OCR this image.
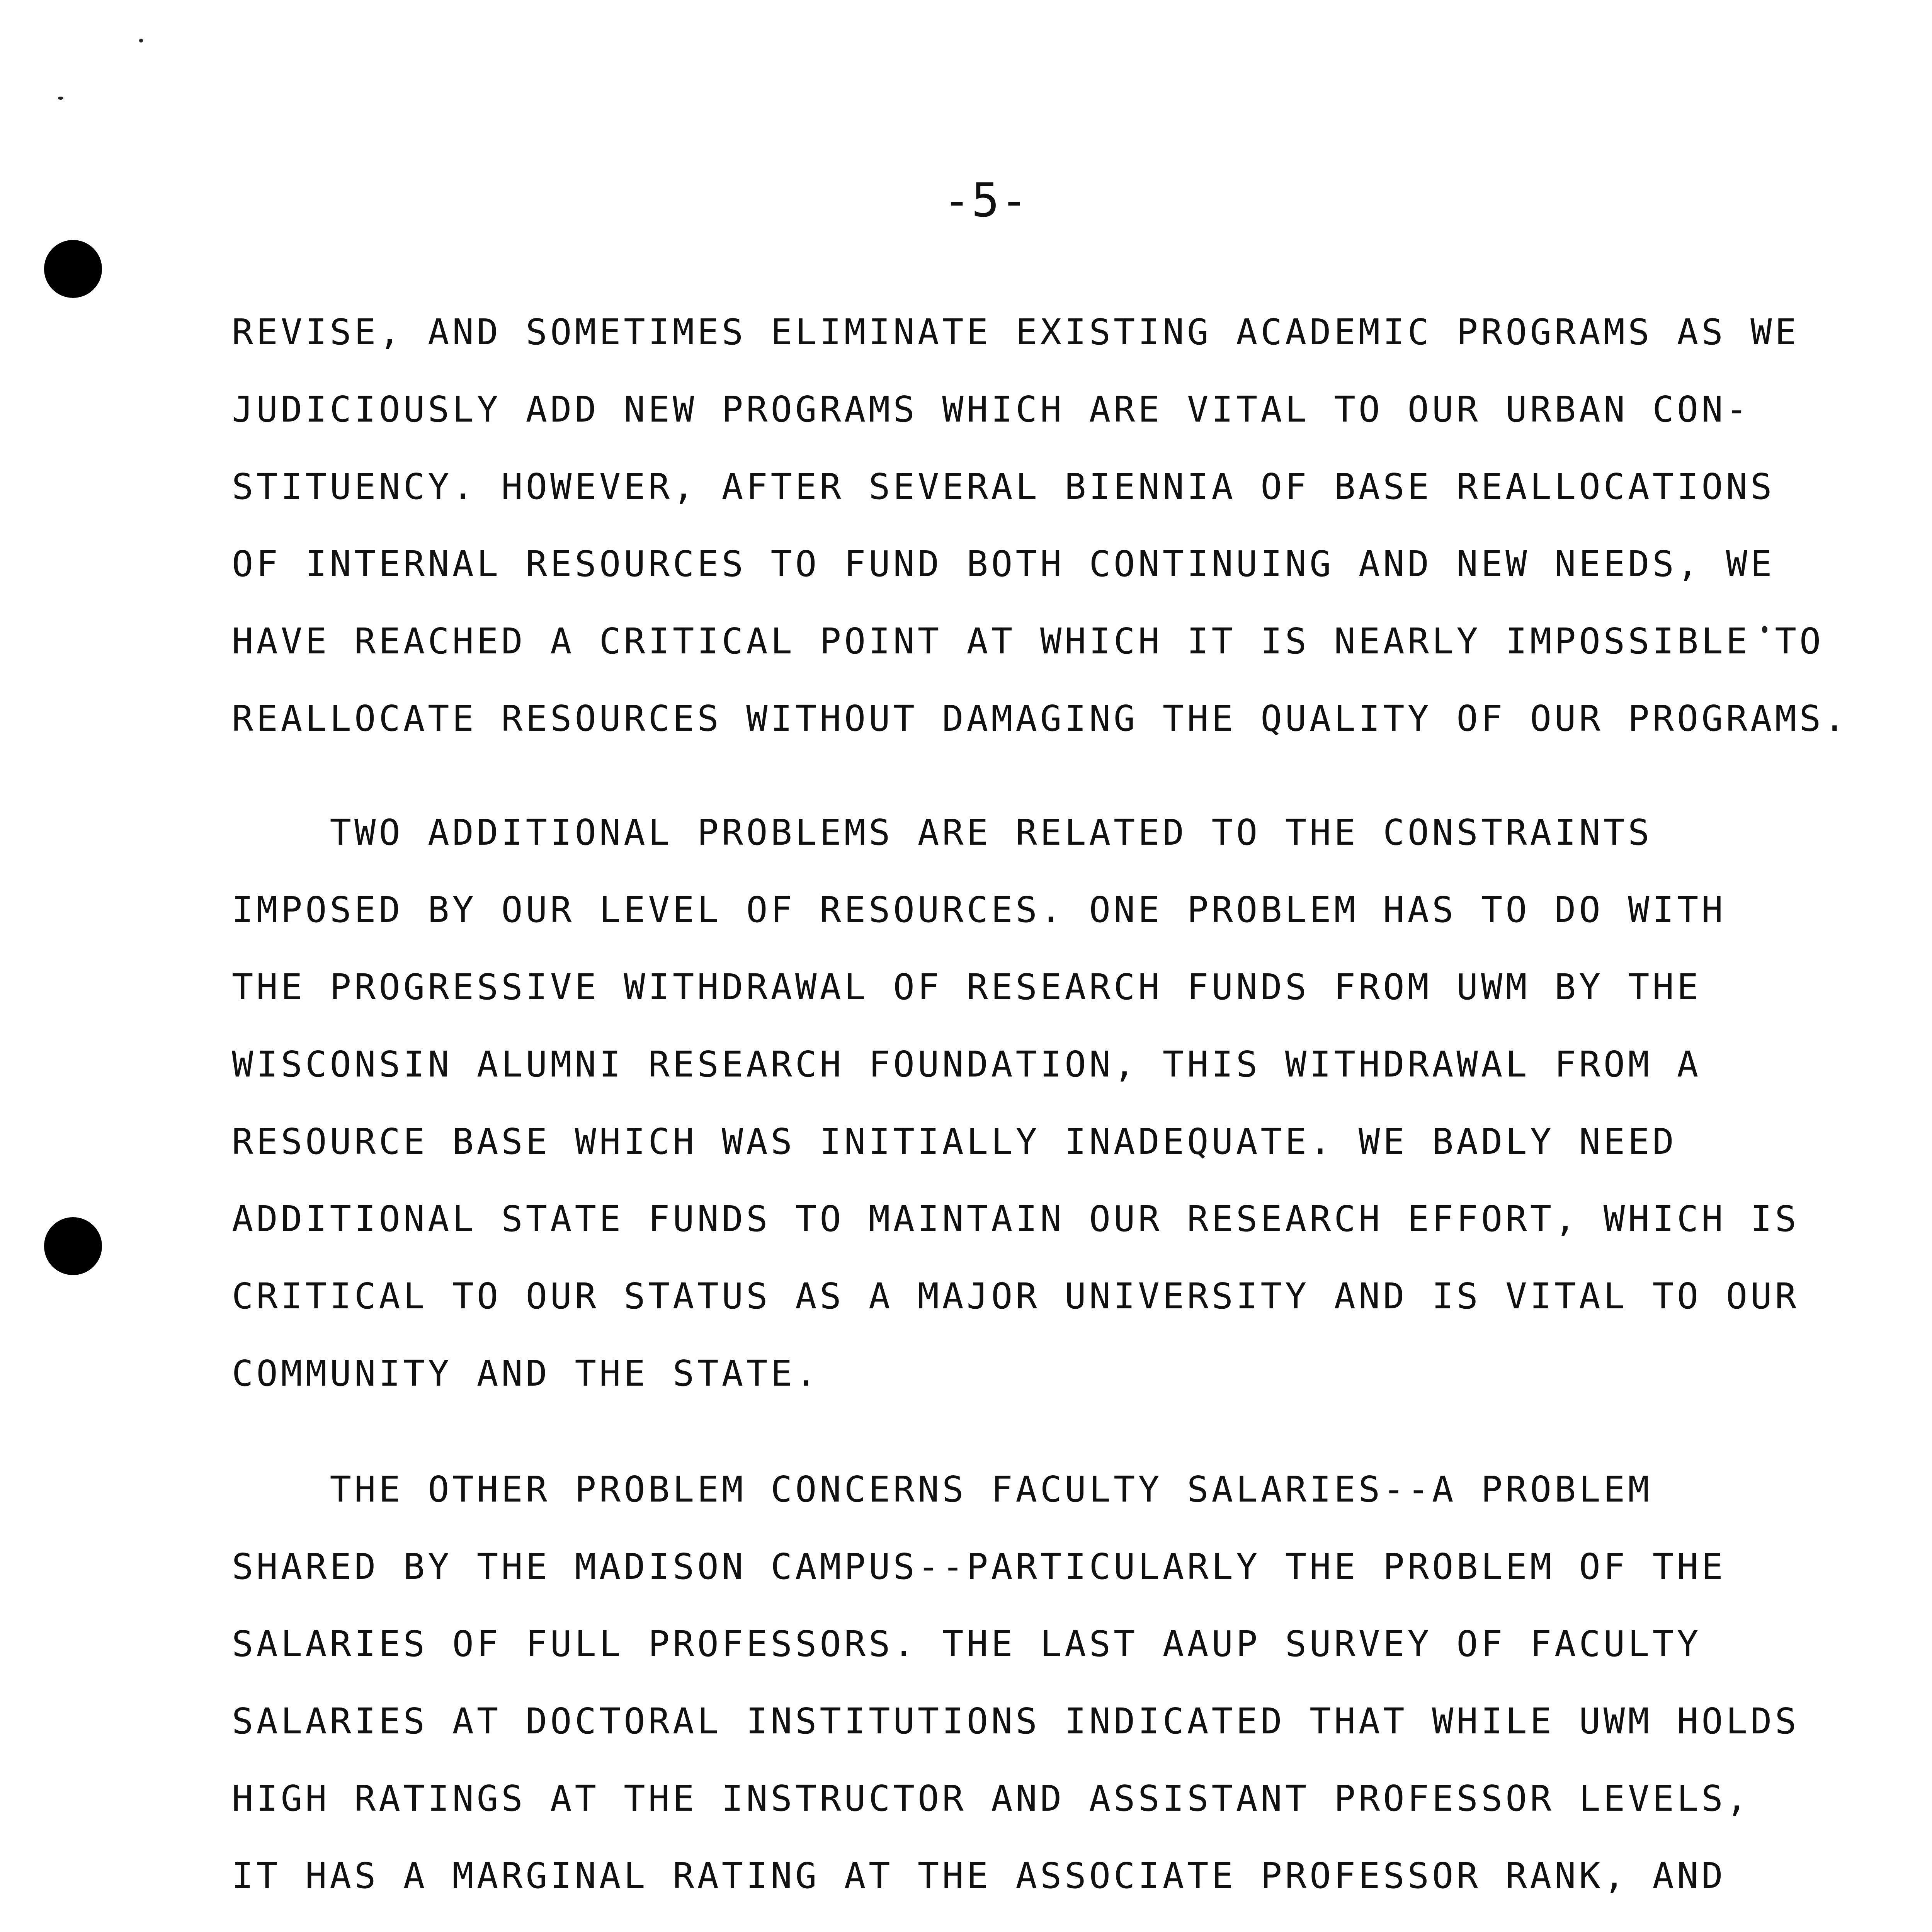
-5-
REVISE, AND SOMETIMES ELIMINATE EXISTING ACADEMIC PROGRAMS AS WE
JUDICIOUSLY ADD NEW PROGRAMS WHICH ARE VITAL TO OUR URBAN CON-
STITUENCY. HOWEVER, AFTER SEVERAL BIENNIA OF BASE REALLOCATIONS
OF INTERNAL RESOURCES TO FUND BOTH CONTINUING AND NEW NEEDS, WE
HAVE REACHED A CRITICAL POINT AT WHICH IT IS NEARLY IMPOSSIBLE TO
REALLOCATE RESOURCES WITHOUT DAMAGING THE QUALITY OF OUR PROGRAMS.
TWO ADDITIONAL PROBLEMS ARE RELATED TO THE CONSTRAINTS
IMPOSED BY OUR LEVEL OF RESOURCES. ONE PROBLEM HAS TO DO WITH
THE PROGRESSIVE WITHDRAWAL OF RESEARCH FUNDS FROM UWM BY THE
WISCONSIN ALUMNI RESEARCH FOUNDATION, THIS WITHDRAWAL FROM A
RESOURCE BASE WHICH WAS INITIALLY INADEQUATE. WE BADLY NEED
ADDITIONAL STATE FUNDS TO MAINTAIN OUR RESEARCH EFFORT, WHICH IS
CRITICAL TO OUR STATUS AS A MAJOR UNIVERSITY AND IS VITAL TO OUR
COMMUNITY AND THE STATE.
THE OTHER PROBLEM CONCERNS FACULTY SALARIES--A PROBLEM
SHARED BY THE MADISON CAMPUS--PARTICULARLY THE PROBLEM OF THE
SALARIES OF FULL PROFESSORS. THE LAST AAUP SURVEY OF FACULTY
SALARIES AT DOCTORAL INSTITUTIONS INDICATED THAT WHILE UWM HOLDS
HIGH RATINGS AT THE INSTRUCTOR AND ASSISTANT PROFESSOR LEVELS,
IT HAS A MARGINAL RATING AT THE ASSOCIATE PROFESSOR RANK, AND
